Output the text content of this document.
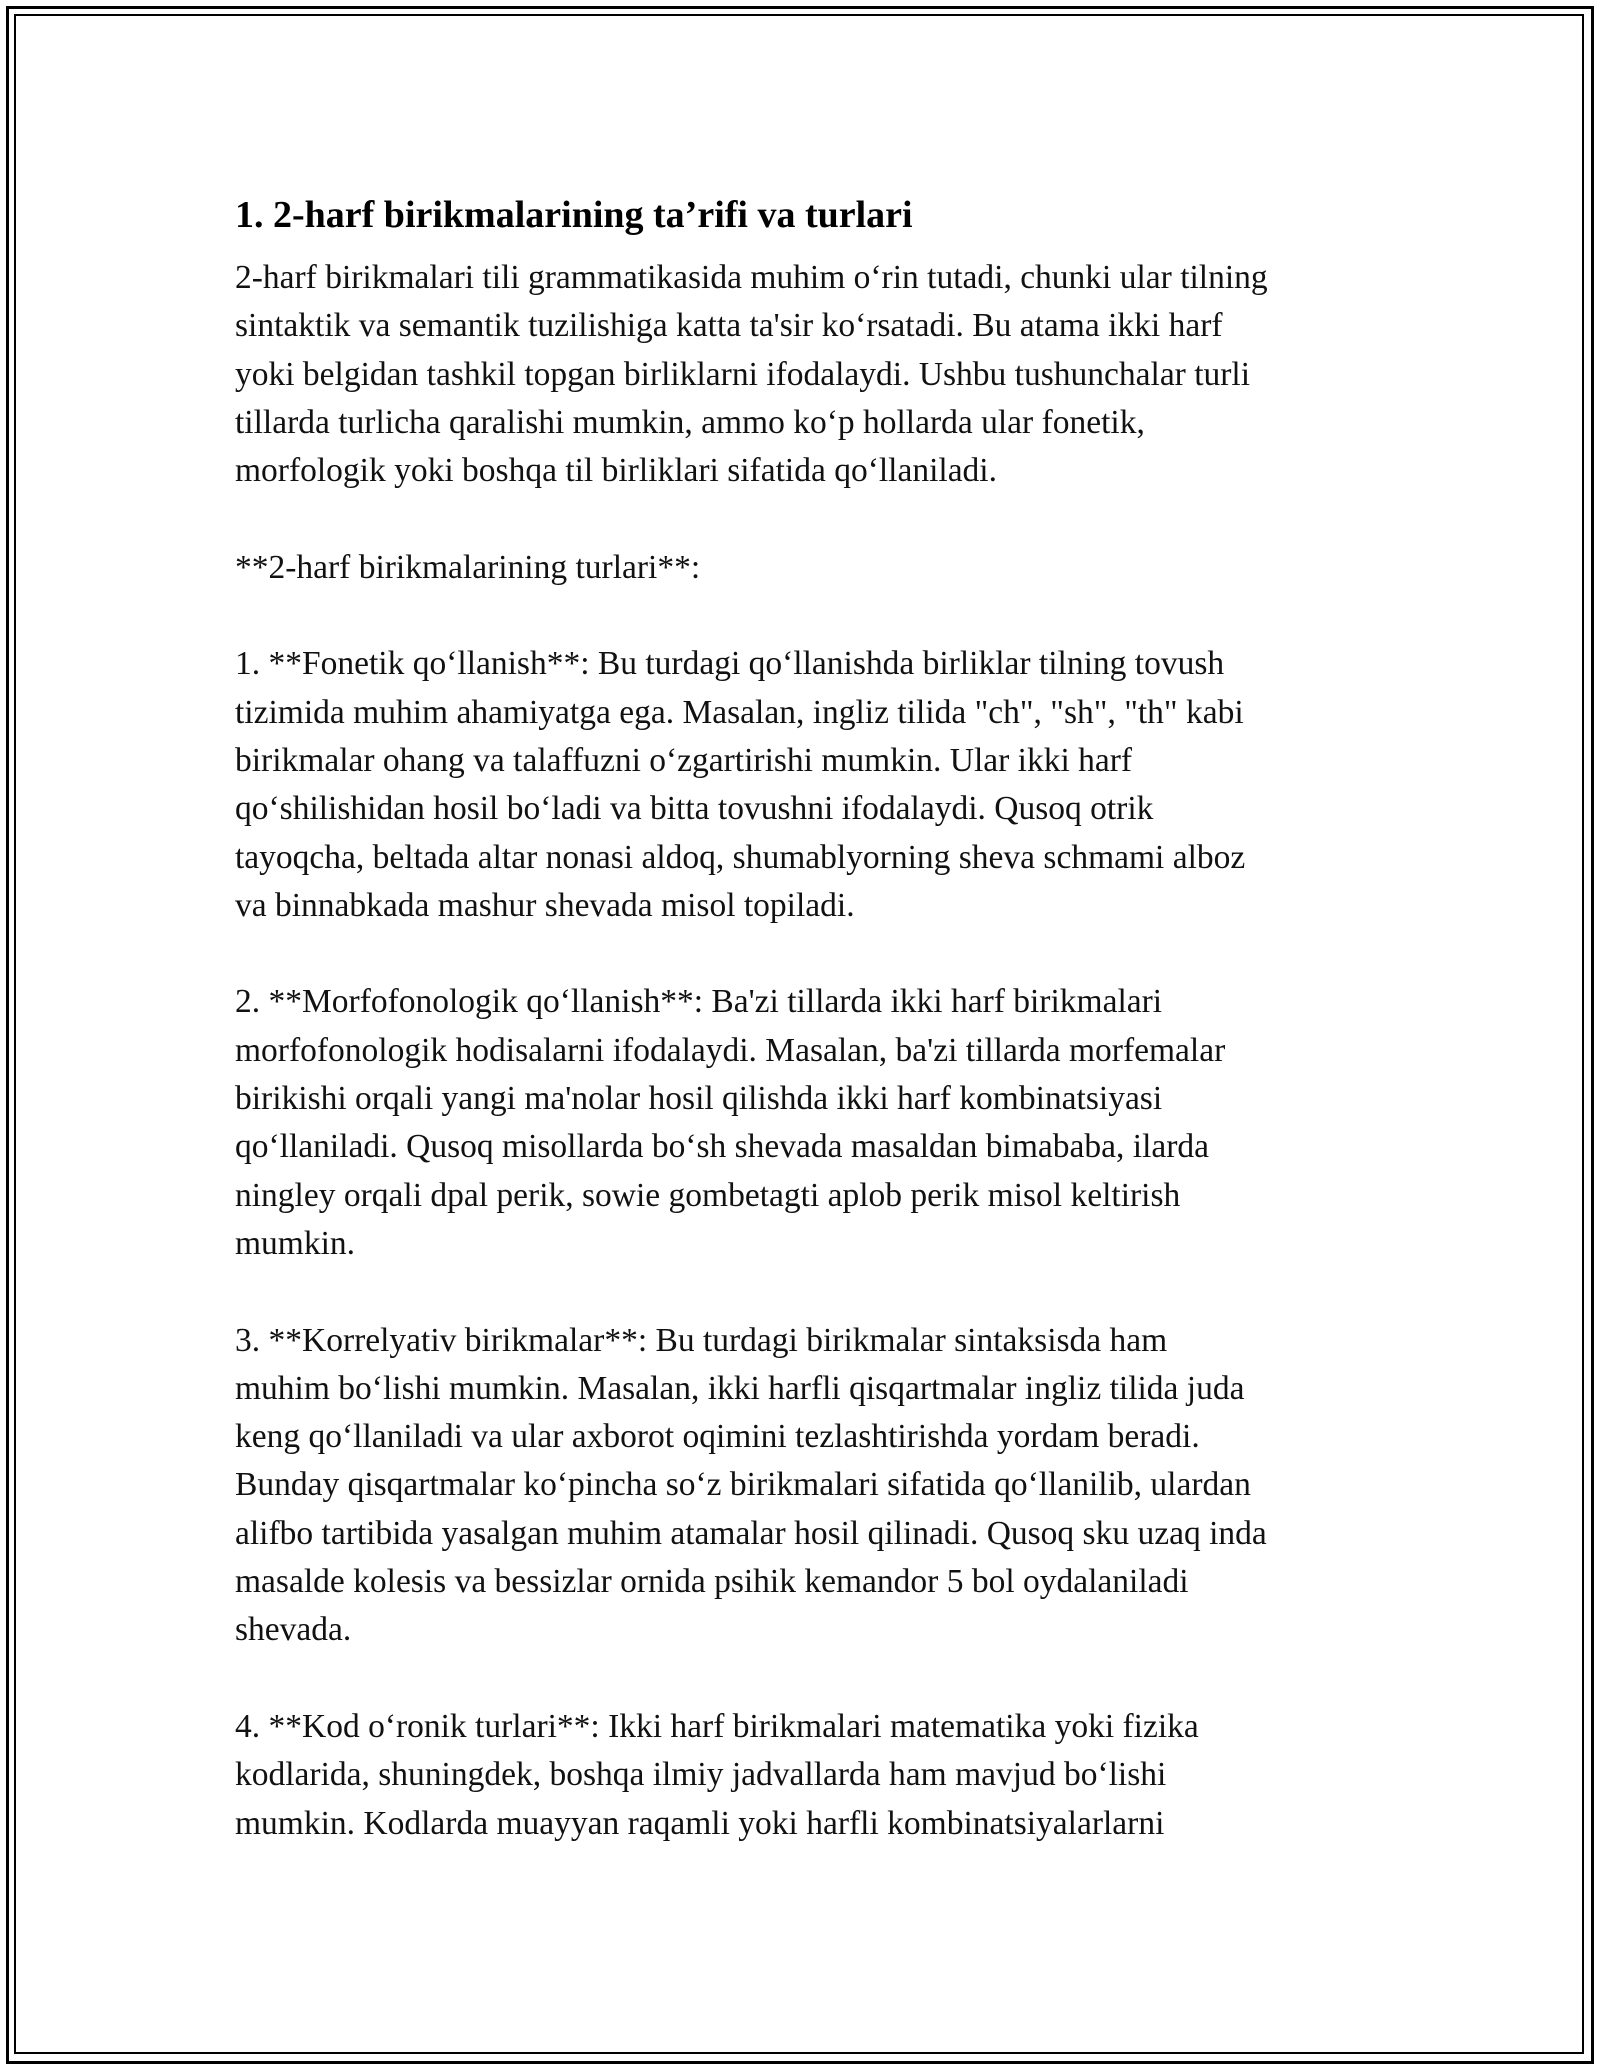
1. 2-harf birikmalarining ta’rifi va turlari

2-harf birikmalari tili grammatikasida muhim o‘rin tutadi, chunki ular tilning
sintaktik va semantik tuzilishiga katta ta'sir ko‘rsatadi. Bu atama ikki harf
yoki belgidan tashkil topgan birliklarni ifodalaydi. Ushbu tushunchalar turli
tillarda turlicha qaralishi mumkin, ammo ko‘p hollarda ular fonetik,
morfologik yoki boshqa til birliklari sifatida qo‘llaniladi.

**2-harf birikmalarining turlari**:

1. **Fonetik qo‘llanish**: Bu turdagi qo‘llanishda birliklar tilning tovush
tizimida muhim ahamiyatga ega. Masalan, ingliz tilida "ch", "sh", "th" kabi
birikmalar ohang va talaffuzni o‘zgartirishi mumkin. Ular ikki harf
qo‘shilishidan hosil bo‘ladi va bitta tovushni ifodalaydi. Qusoq otrik
tayoqcha, beltada altar nonasi aldoq, shumablyorning sheva schmami alboz
va binnabkada mashur shevada misol topiladi.

2. **Morfofonologik qo‘llanish**: Ba'zi tillarda ikki harf birikmalari
morfofonologik hodisalarni ifodalaydi. Masalan, ba'zi tillarda morfemalar
birikishi orqali yangi ma'nolar hosil qilishda ikki harf kombinatsiyasi
qo‘llaniladi. Qusoq misollarda bo‘sh shevada masaldan bimababa, ilarda
ningley orqali dpal perik, sowie gombetagti aplob perik misol keltirish
mumkin.

3. **Korrelyativ birikmalar**: Bu turdagi birikmalar sintaksisda ham
muhim bo‘lishi mumkin. Masalan, ikki harfli qisqartmalar ingliz tilida juda
keng qo‘llaniladi va ular axborot oqimini tezlashtirishda yordam beradi.
Bunday qisqartmalar ko‘pincha so‘z birikmalari sifatida qo‘llanilib, ulardan
alifbo tartibida yasalgan muhim atamalar hosil qilinadi. Qusoq sku uzaq inda
masalde kolesis va bessizlar ornida psihik kemandor 5 bol oydalaniladi
shevada.

4. **Kod o‘ronik turlari**: Ikki harf birikmalari matematika yoki fizika
kodlarida, shuningdek, boshqa ilmiy jadvallarda ham mavjud bo‘lishi
mumkin. Kodlarda muayyan raqamli yoki harfli kombinatsiyalarlarni
